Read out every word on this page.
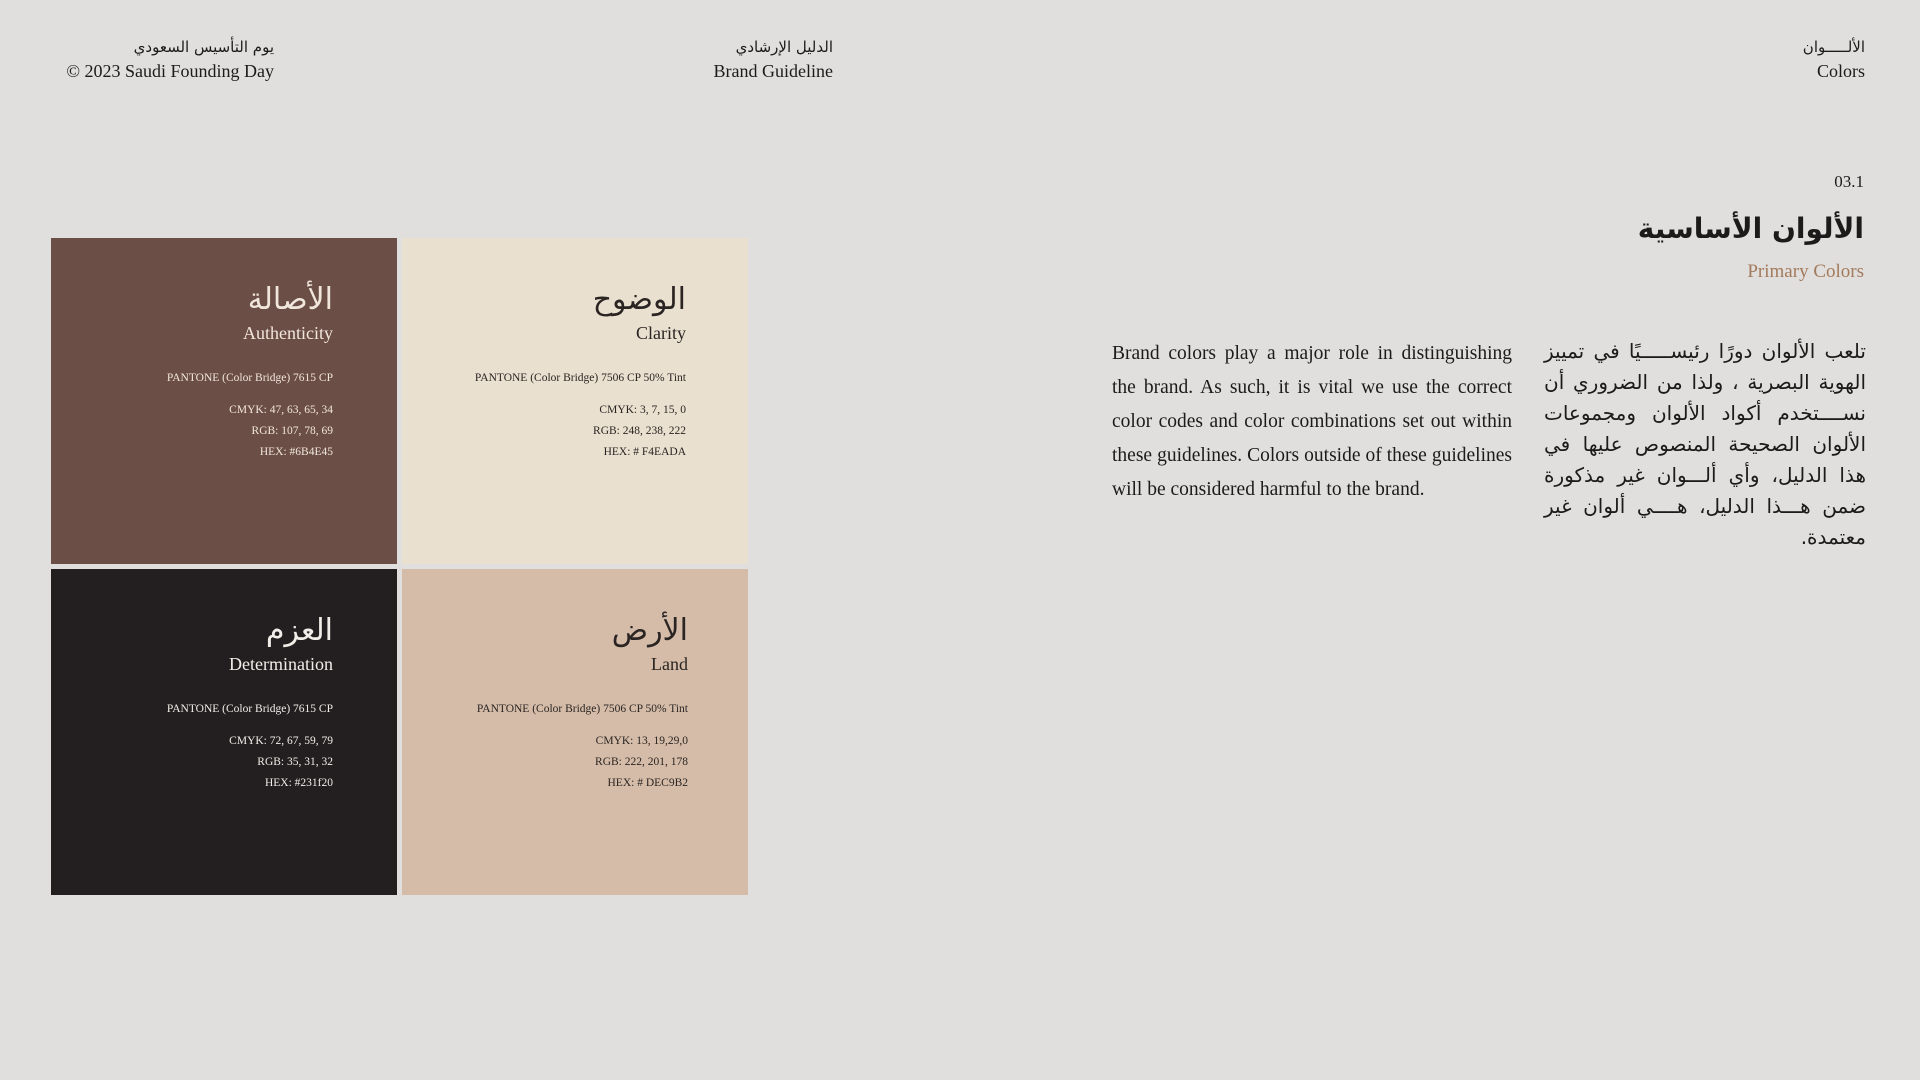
يوم التأسيس السعودي
© 2023 Saudi Founding Day
الدليل الإرشادي
Brand Guideline
الألـــــوان
Colors
الأصالة
Authenticity
PANTONE (Color Bridge) 7615 CP
CMYK: 47, 63, 65, 34
RGB: 107, 78, 69
HEX: #6B4E45
الوضوح
Clarity
PANTONE (Color Bridge) 7506 CP 50% Tint
CMYK: 3, 7, 15, 0
RGB: 248, 238, 222
HEX: # F4EADA
العزم
Determination
PANTONE (Color Bridge) 7615 CP
CMYK: 72, 67, 59, 79
RGB: 35, 31, 32
HEX: #231f20
الأرض
Land
PANTONE (Color Bridge) 7506 CP 50% Tint
CMYK: 13, 19,29,0
RGB: 222, 201, 178
HEX: # DEC9B2
03.1
الألوان الأساسية
Primary Colors
Brand colors play a major role in distinguishing the brand. As such, it is vital we use the correct color codes and color combinations set out within these guidelines. Colors outside of these guidelines will be considered harmful to the brand.
تلعب الألوان دورًا رئيســـــيًا في تمييز الهوية البصرية ، ولذا من الضروري أن نســــتخدم أكواد الألوان ومجموعات الألوان الصحيحة المنصوص عليها في هذا الدليل، وأي ألـــوان غير مذكورة ضمن هـــذا الدليل، هــــي ألوان غير معتمدة.
